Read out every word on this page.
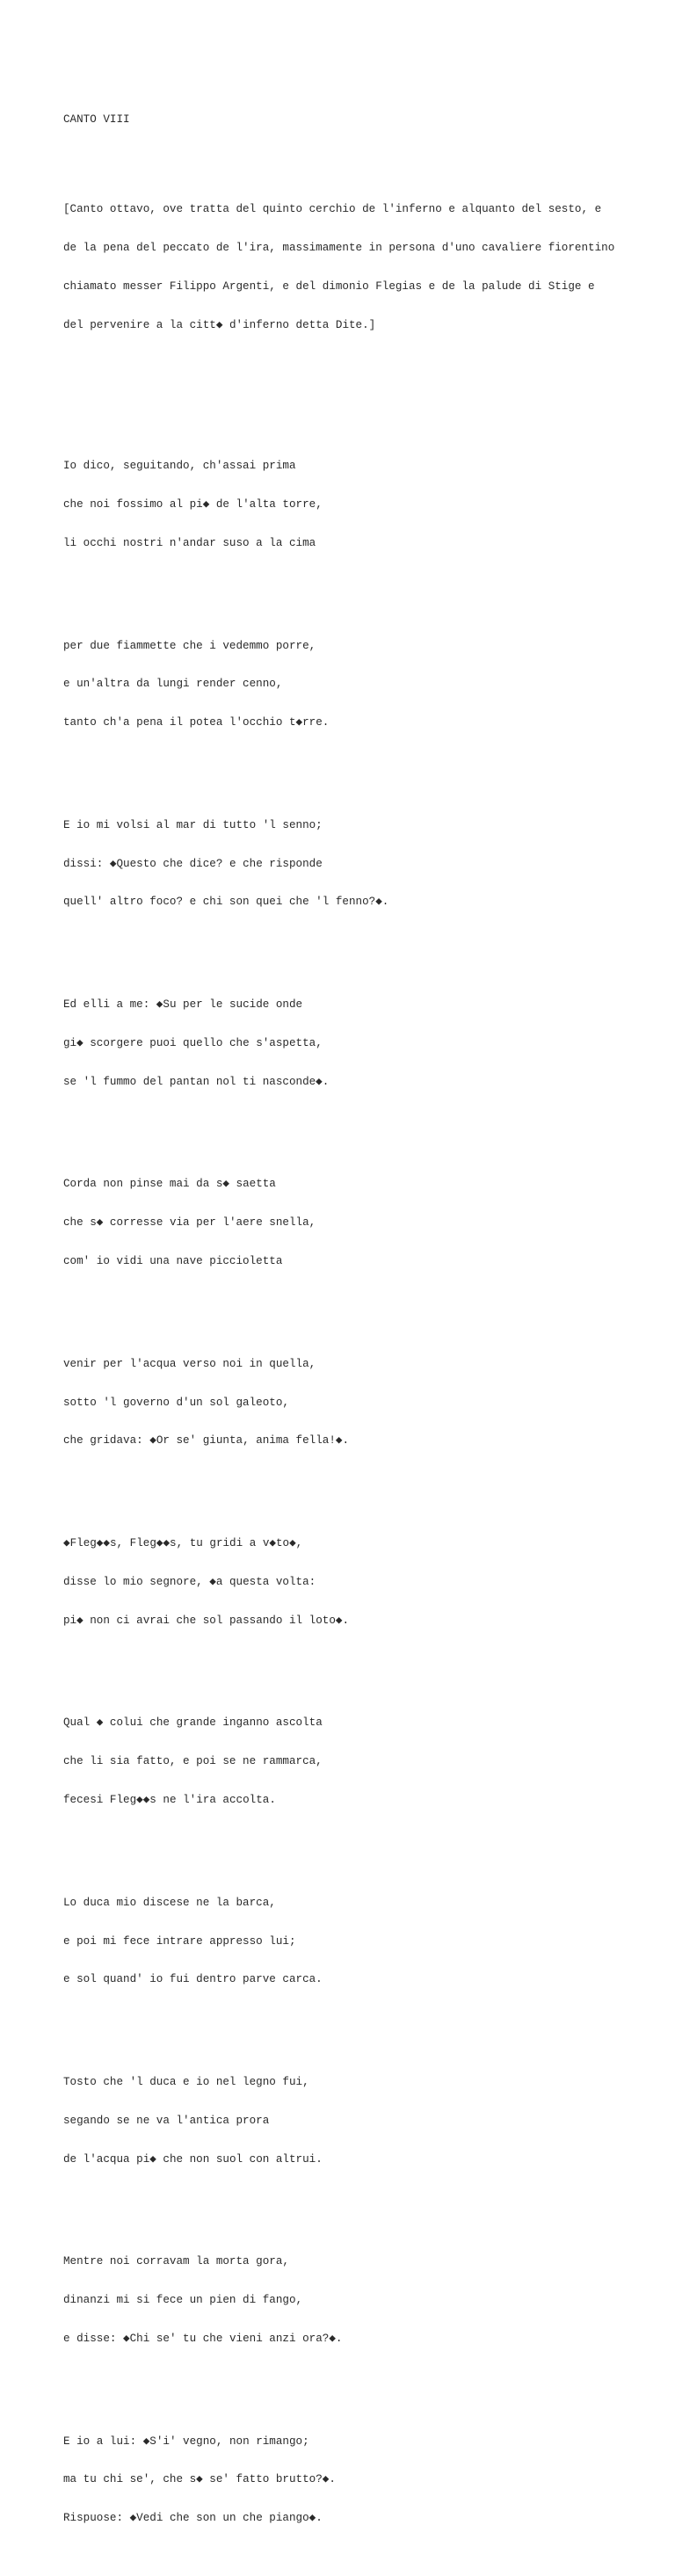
CANTO VIII

[Canto ottavo, ove tratta del quinto cerchio de l'inferno e alquanto del sesto, e

de la pena del peccato de l'ira, massimamente in persona d'uno cavaliere fiorentino

chiamato messer Filippo Argenti, e del dimonio Flegias e de la palude di Stige e

del pervenire a la citt◆ d'inferno detta Dite.]

Io dico, seguitando, ch'assai prima

che noi fossimo al pi◆ de l'alta torre,

li occhi nostri n'andar suso a la cima

per due fiammette che i vedemmo porre,

e un'altra da lungi render cenno,

tanto ch'a pena il potea l'occhio t◆rre.

E io mi volsi al mar di tutto 'l senno;

dissi: ◆Questo che dice? e che risponde

quell' altro foco? e chi son quei che 'l fenno?◆.

Ed elli a me: ◆Su per le sucide onde

gi◆ scorgere puoi quello che s'aspetta,

se 'l fummo del pantan nol ti nasconde◆.

Corda non pinse mai da s◆ saetta

che s◆ corresse via per l'aere snella,

com' io vidi una nave piccioletta

venir per l'acqua verso noi in quella,

sotto 'l governo d'un sol galeoto,

che gridava: ◆Or se' giunta, anima fella!◆.

◆Fleg◆◆s, Fleg◆◆s, tu gridi a v◆to◆,

disse lo mio segnore, ◆a questa volta:

pi◆ non ci avrai che sol passando il loto◆.

Qual ◆ colui che grande inganno ascolta

che li sia fatto, e poi se ne rammarca,

fecesi Fleg◆◆s ne l'ira accolta.

Lo duca mio discese ne la barca,

e poi mi fece intrare appresso lui;

e sol quand' io fui dentro parve carca.

Tosto che 'l duca e io nel legno fui,

segando se ne va l'antica prora

de l'acqua pi◆ che non suol con altrui.

Mentre noi corravam la morta gora,

dinanzi mi si fece un pien di fango,

e disse: ◆Chi se' tu che vieni anzi ora?◆.

E io a lui: ◆S'i' vegno, non rimango;

ma tu chi se', che s◆ se' fatto brutto?◆.

Rispuose: ◆Vedi che son un che piango◆.
